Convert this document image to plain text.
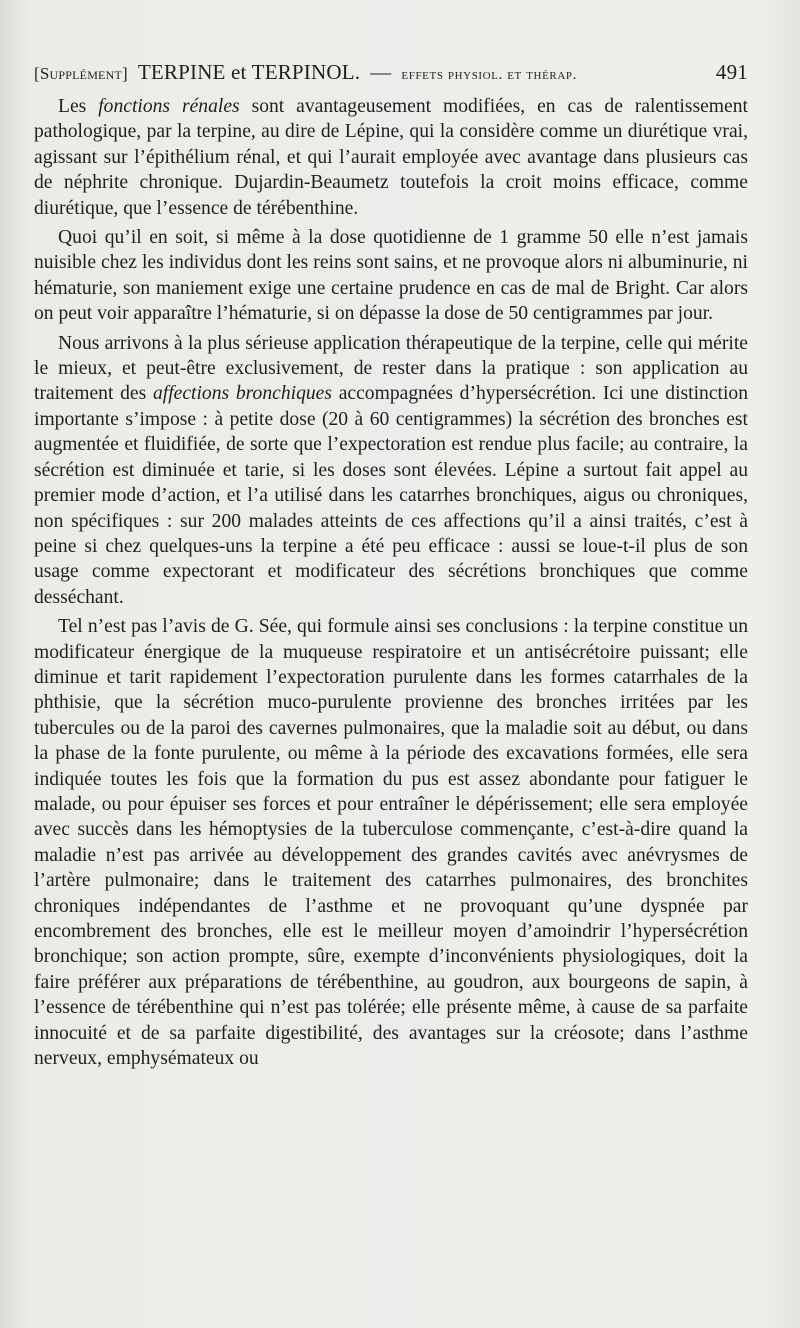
[Supplément] TERPINE et TERPINOL. — effets physiol. et thérap.	491

Les fonctions rénales sont avantageusement modifiées, en cas de ralentissement pathologique, par la terpine, au dire de Lépine, qui la considère comme un diurétique vrai, agissant sur l’épithélium rénal, et qui l’aurait employée avec avantage dans plusieurs cas de néphrite chronique. Dujardin-Beaumetz toutefois la croit moins efficace, comme diurétique, que l’essence de térébenthine.

Quoi qu’il en soit, si même à la dose quotidienne de 1 gramme 50 elle n’est jamais nuisible chez les individus dont les reins sont sains, et ne provoque alors ni albuminurie, ni hématurie, son maniement exige une certaine prudence en cas de mal de Bright. Car alors on peut voir apparaître l’hématurie, si on dépasse la dose de 50 centigrammes par jour.

Nous arrivons à la plus sérieuse application thérapeutique de la terpine, celle qui mérite le mieux, et peut-être exclusivement, de rester dans la pratique : son application au traitement des affections bronchiques accompagnées d’hypersécrétion. Ici une distinction importante s’impose : à petite dose (20 à 60 centigrammes) la sécrétion des bronches est augmentée et fluidifiée, de sorte que l’expectoration est rendue plus facile; au contraire, la sécrétion est diminuée et tarie, si les doses sont élevées. Lépine a surtout fait appel au premier mode d’action, et l’a utilisé dans les catarrhes bronchiques, aigus ou chroniques, non spécifiques : sur 200 malades atteints de ces affections qu’il a ainsi traités, c’est à peine si chez quelques-uns la terpine a été peu efficace : aussi se loue-t-il plus de son usage comme expectorant et modificateur des sécrétions bronchiques que comme desséchant.

Tel n’est pas l’avis de G. Sée, qui formule ainsi ses conclusions : la terpine constitue un modificateur énergique de la muqueuse respiratoire et un antisécrétoire puissant; elle diminue et tarit rapidement l’expectoration purulente dans les formes catarrhales de la phthisie, que la sécrétion muco-purulente provienne des bronches irritées par les tubercules ou de la paroi des cavernes pulmonaires, que la maladie soit au début, ou dans la phase de la fonte purulente, ou même à la période des excavations formées, elle sera indiquée toutes les fois que la formation du pus est assez abondante pour fatiguer le malade, ou pour épuiser ses forces et pour entraîner le dépérissement; elle sera employée avec succès dans les hémoptysies de la tuberculose commençante, c’est-à-dire quand la maladie n’est pas arrivée au développement des grandes cavités avec anévrysmes de l’artère pulmonaire; dans le traitement des catarrhes pulmonaires, des bronchites chroniques indépendantes de l’asthme et ne provoquant qu’une dyspnée par encombrement des bronches, elle est le meilleur moyen d’amoindrir l’hypersécrétion bronchique; son action prompte, sûre, exempte d’inconvénients physiologiques, doit la faire préférer aux préparations de térébenthine, au goudron, aux bourgeons de sapin, à l’essence de térébenthine qui n’est pas tolérée; elle présente même, à cause de sa parfaite innocuité et de sa parfaite digestibilité, des avantages sur la créosote; dans l’asthme nerveux, emphysémateux ou
